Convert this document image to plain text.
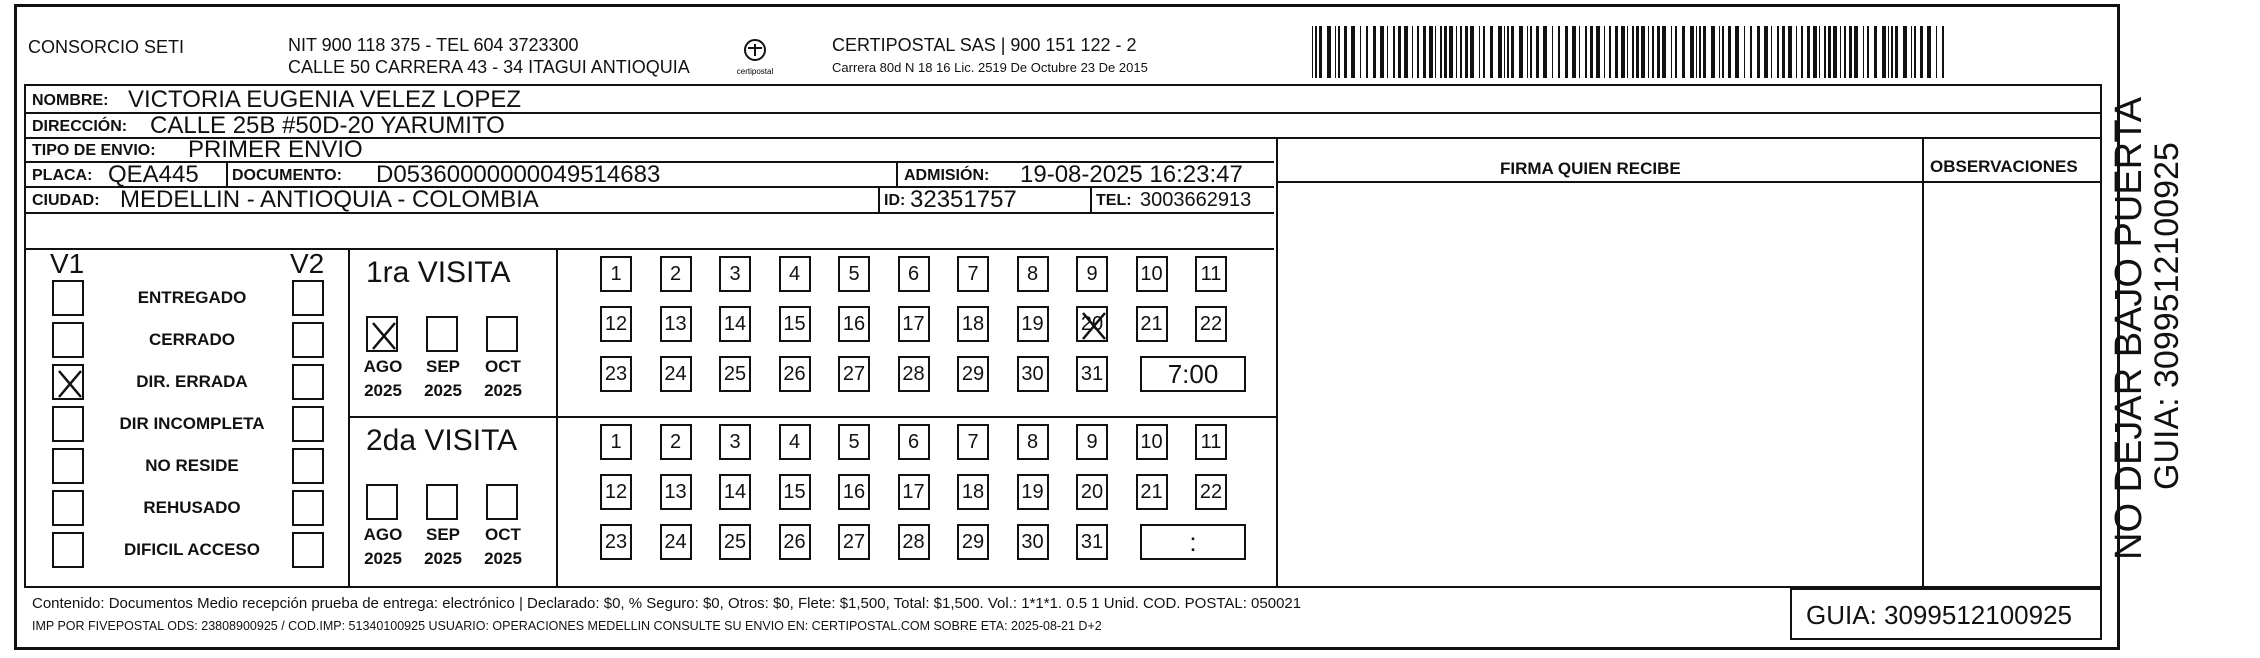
CONSORCIO SETI	NIT 900 118 375 - TEL 604 3723300
CALLE 50 CARRERA 43 - 34 ITAGUI ANTIOQUIA	certipostal
CERTIPOSTAL SAS | 900 151 122 - 2
Carrera 80d N 18 16 Lic. 2519 De Octubre 23 De 2015
NOMBRE: VICTORIA EUGENIA VELEZ LOPEZ
DIRECCIÓN: CALLE 25B #50D-20 YARUMITO
TIPO DE ENVIO: PRIMER ENVIO
FIRMA QUIEN RECIBE	OBSERVACIONES
PLACA: QEA445 DOCUMENTO: D05360000000049514683	ADMISIÓN: 19-08-2025 16:23:47
CIUDAD: MEDELLIN - ANTIOQUIA - COLOMBIA	ID: 32351757	TEL: 3003662913
V1	V2
ENTREGADO
CERRADO
DIR. ERRADA
DIR INCOMPLETA
NO RESIDE
REHUSADO
DIFICIL ACCESO
1ra VISITA
AGO
2025
SEP
2025
OCT
2025
1	2	3	4	5	6	7	8	9	10 11
12 13 14 15 16 17 18 19 20 21 22
23 24 25 26 27 28 29 30 31	7:00
2da VISITA
AGO
2025
SEP
2025
OCT
2025
1	2	3	4	5	6	7	8	9	10 11
12 13 14 15 16 17 18 19 20 21 22
23 24 25 26 27 28 29 30 31	:
Contenido: Documentos Medio recepción prueba de entrega: electrónico | Declarado: $0, % Seguro: $0, Otros: $0, Flete: $1,500, Total: $1,500. Vol.: 1*1*1. 0.5 1 Unid. COD. POSTAL: 050021
IMP POR FIVEPOSTAL ODS: 23808900925 / COD.IMP: 51340100925 USUARIO: OPERACIONES MEDELLIN CONSULTE SU ENVIO EN: CERTIPOSTAL.COM SOBRE ETA: 2025-08-21 D+2	GUIA: 3099512100925
NO DEJAR BAJO PUERTA
GUIA: 3099512100925
